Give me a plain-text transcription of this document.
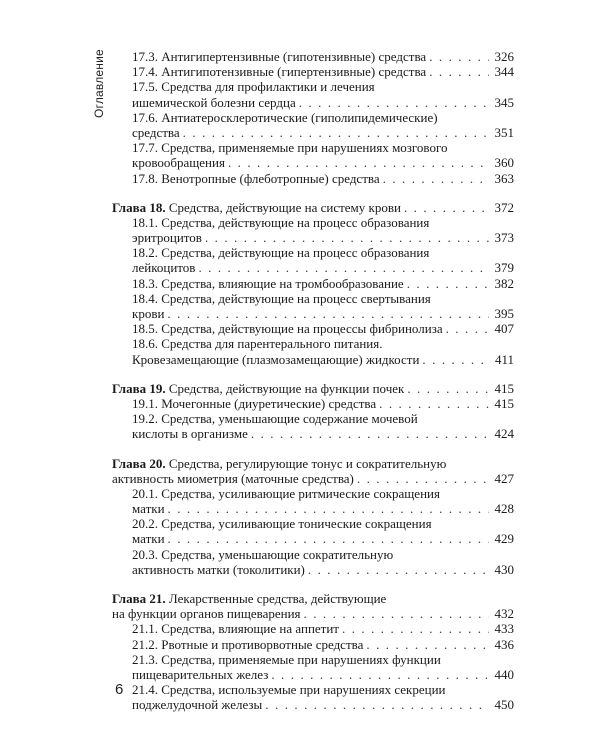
Оглавление 17.3. Антигипертензивные (гипотензивные) средства . . .	326
17.4. Антигипотензивные (гипертензивные) средства . . .	344
17.5. Средства для профилактики и лечения
ишемической болезни сердца . . .	345
17.6. Антиатеросклеротические (гиполипидемические)
средства . . .	351
17.7. Средства, применяемые при нарушениях мозгового
кровообращения . . .	360
17.8. Венотропные (флеботропные) средства . . .	363
Глава 18. Средства, действующие на систему крови . . .	372
18.1. Средства, действующие на процесс образования
эритроцитов . . .	373
18.2. Средства, действующие на процесс образования
лейкоцитов . . .	379
18.3. Средства, влияющие на тромбообразование . . .	382
18.4. Средства, действующие на процесс свертывания
крови . . .	395
18.5. Средства, действующие на процессы фибринолиза . . .	407
18.6. Средства для парентерального питания.
Кровезамещающие (плазмозамещающие) жидкости . . .	411
Глава 19. Средства, действующие на функции почек . . .	415
19.1. Мочегонные (диуретические) средства . . .	415
19.2. Средства, уменьшающие содержание мочевой
кислоты в организме . . .	424
Глава 20. Средства, регулирующие тонус и сократительную
активность миометрия (маточные средства) . . .	427
20.1. Средства, усиливающие ритмические сокращения
матки . . .	428
20.2. Средства, усиливающие тонические сокращения
матки . . .	429
20.3. Средства, уменьшающие сократительную
активность матки (токолитики) . . .	430
Глава 21. Лекарственные средства, действующие
на функции органов пищеварения . . .	432
21.1. Средства, влияющие на аппетит . . .	433
21.2. Рвотные и противорвотные средства . . .	436
21.3. Средства, применяемые при нарушениях функции
пищеварительных желез . . .	440
21.4. Средства, используемые при нарушениях секреции
поджелудочной железы . . .	450
6
